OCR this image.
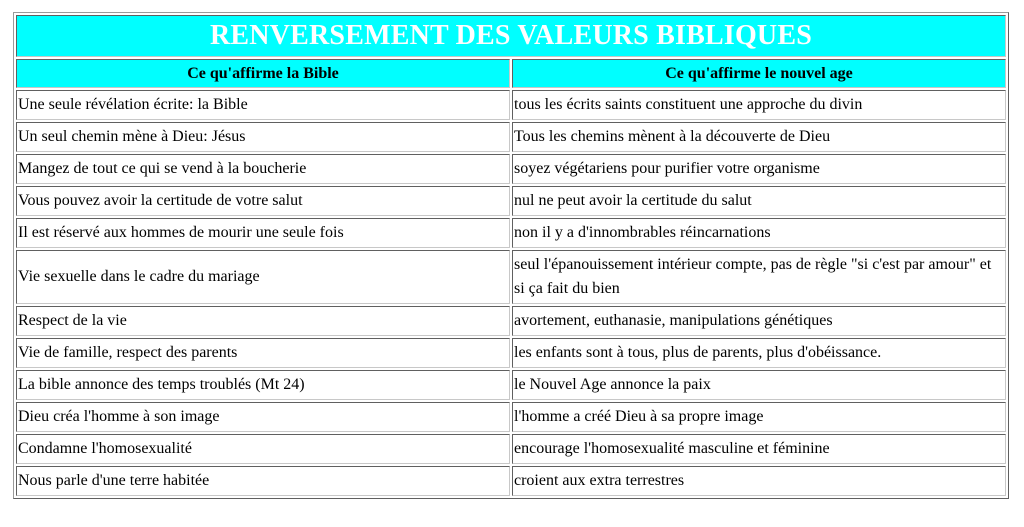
RENVERSEMENT DES VALEURS BIBLIQUES	
Ce qu'affirme la Bible	Ce qu'affirme le nouvel age
Une seule révélation écrite: la Bible	tous les écrits saints constituent une approche du divin
Un seul chemin mène à Dieu: Jésus	Tous les chemins mènent à la découverte de Dieu
Mangez de tout ce qui se vend à la boucherie	soyez végétariens pour purifier votre organisme
Vous pouvez avoir la certitude de votre salut	nul ne peut avoir la certitude du salut
Il est réservé aux hommes de mourir une seule fois	non il y a d'innombrables réincarnations
Vie sexuelle dans le cadre du mariage	seul l'épanouissement intérieur compte, pas de règle "si c'est par amour" et si ça fait du bien
Respect de la vie	avortement, euthanasie, manipulations génétiques
Vie de famille, respect des parents	les enfants sont à tous, plus de parents, plus d'obéissance.
La bible annonce des temps troublés (Mt 24)	le Nouvel Age annonce la paix
Dieu créa l'homme à son image	l'homme a créé Dieu à sa propre image
Condamne l'homosexualité	encourage l'homosexualité masculine et féminine
Nous parle d'une terre habitée	croient aux extra terrestres
